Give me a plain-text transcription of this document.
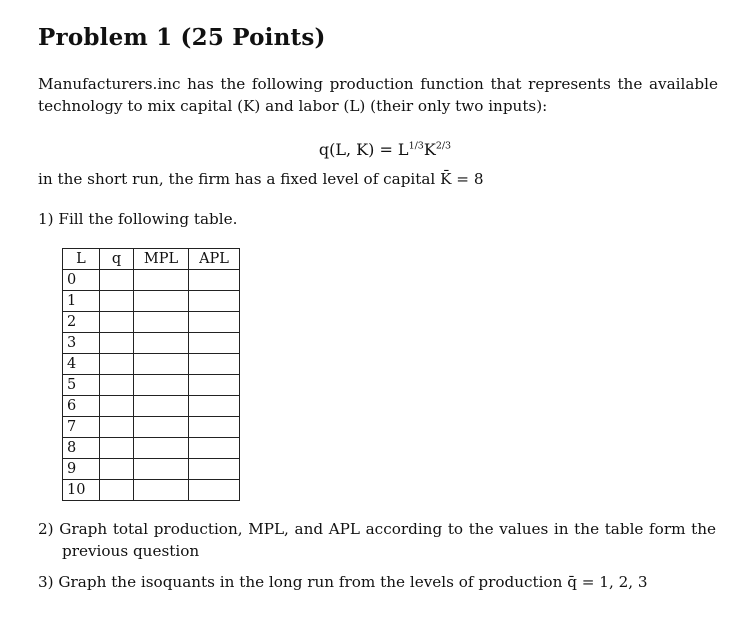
Problem 1 (25 Points)
Manufacturers.inc has the following production function that represents the available technology to mix capital (K) and labor (L) (their only two inputs):
q(L, $K) = L^{1/3}K^{2/3}$
in the short run, the firm has a fixed level of capital K̄ = 8
1) Fill the following table.
L	q	MPL	APL
0			
1			
2			
3			
4			
5			
6			
7			
8			
9			
10			
2) Graph total production, MPL, and APL according to the values in the table form the previous question
3) Graph the isoquants in the long run from the levels of production q̄ = 1, 2, 3
